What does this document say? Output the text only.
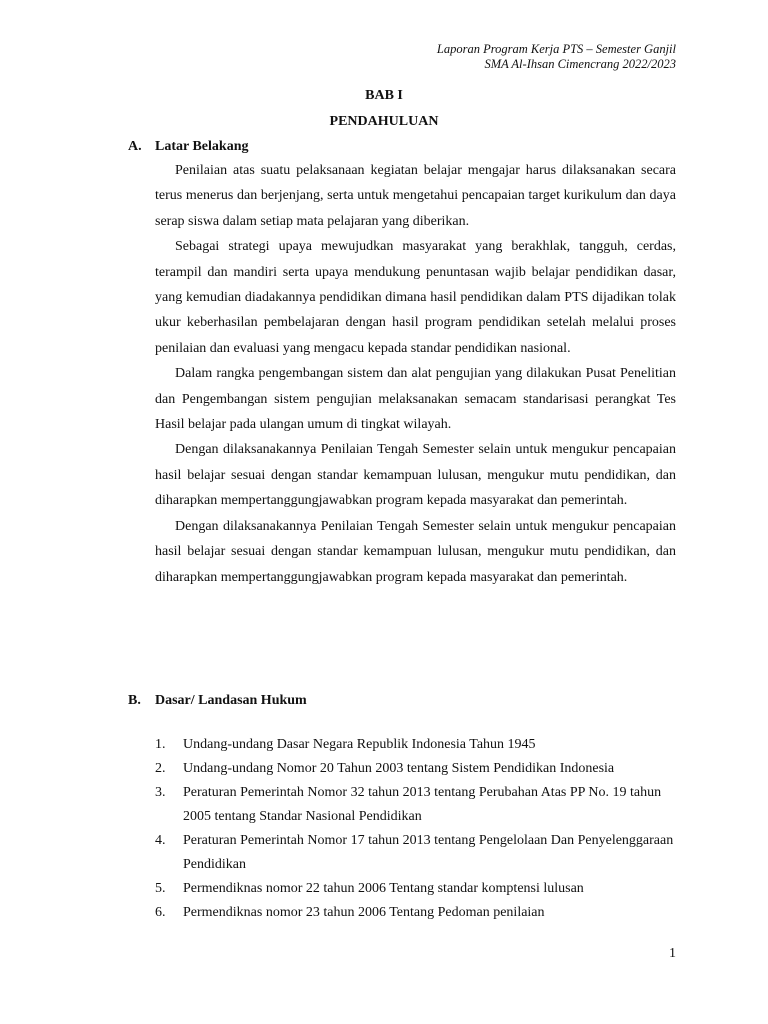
Laporan Program Kerja PTS – Semester Ganjil
SMA Al-Ihsan Cimencrang 2022/2023
BAB I
PENDAHULUAN
A. Latar Belakang

Penilaian atas suatu pelaksanaan kegiatan belajar mengajar harus dilaksanakan secara terus menerus dan berjenjang, serta untuk mengetahui pencapaian target kurikulum dan daya serap siswa dalam setiap mata pelajaran yang diberikan.

Sebagai strategi upaya mewujudkan masyarakat yang berakhlak, tangguh, cerdas, terampil dan mandiri serta upaya mendukung penuntasan wajib belajar pendidikan dasar, yang kemudian diadakannya pendidikan dimana hasil pendidikan dalam PTS dijadikan tolak ukur keberhasilan pembelajaran dengan hasil program pendidikan setelah melalui proses penilaian dan evaluasi yang mengacu kepada standar pendidikan nasional.

Dalam rangka pengembangan sistem dan alat pengujian yang dilakukan Pusat Penelitian dan Pengembangan sistem pengujian melaksanakan semacam standarisasi perangkat Tes Hasil belajar pada ulangan umum di tingkat wilayah.

Dengan dilaksanakannya Penilaian Tengah Semester selain untuk mengukur pencapaian hasil belajar sesuai dengan standar kemampuan lulusan, mengukur mutu pendidikan, dan diharapkan mempertanggungjawabkan program kepada masyarakat dan pemerintah.

Dengan dilaksanakannya Penilaian Tengah Semester selain untuk mengukur pencapaian hasil belajar sesuai dengan standar kemampuan lulusan, mengukur mutu pendidikan, dan diharapkan mempertanggungjawabkan program kepada masyarakat dan pemerintah.

B. Dasar/ Landasan Hukum
1.	Undang-undang Dasar Negara Republik Indonesia Tahun 1945
2.	Undang-undang Nomor 20 Tahun 2003 tentang Sistem Pendidikan Indonesia
3.	Peraturan Pemerintah Nomor 32 tahun 2013 tentang Perubahan Atas PP No. 19 tahun 2005 tentang Standar Nasional Pendidikan
4.	Peraturan Pemerintah Nomor 17 tahun 2013 tentang Pengelolaan Dan Penyelenggaraan Pendidikan
5.	Permendiknas nomor 22 tahun 2006 Tentang standar komptensi lulusan
6.	Permendiknas nomor 23 tahun 2006 Tentang Pedoman penilaian
1
